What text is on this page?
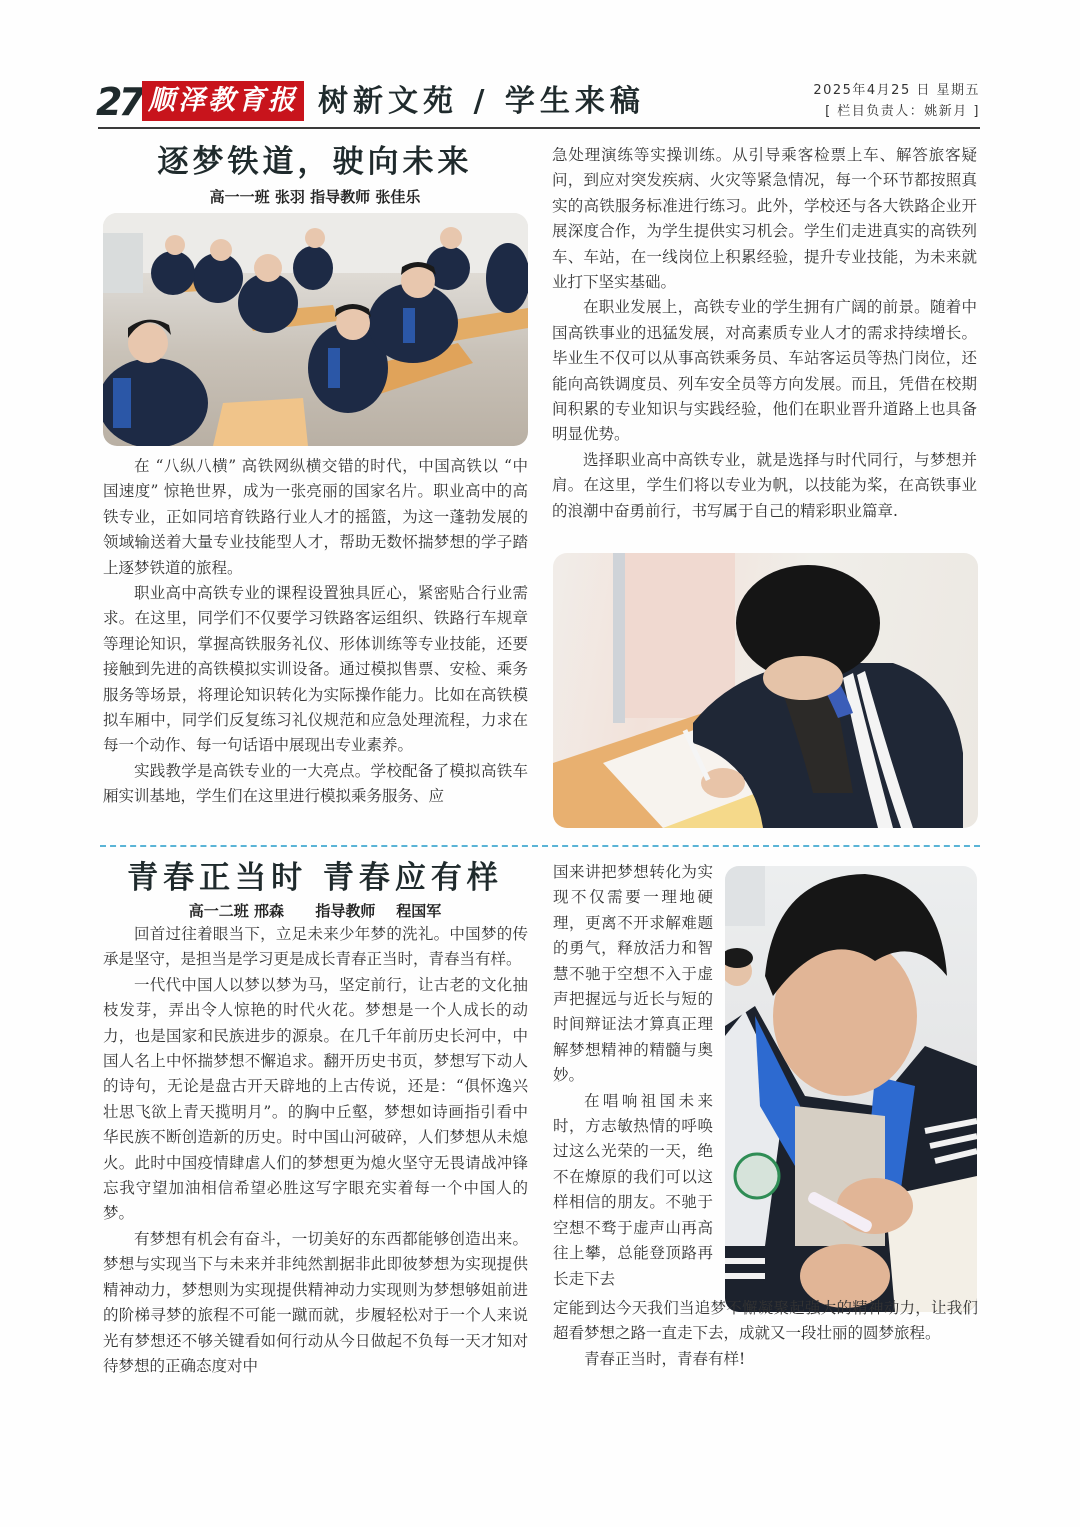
27 顺泽教育报 树新文苑 / 学生来稿	2025年4月25 日 星期五
[ 栏目负责人：姚新月 ]
逐梦铁道，驶向未来
高一一班 张羽 指导教师 张佳乐

在 “八纵八横” 高铁网纵横交错的时代，中国高铁以 “中国速度” 惊艳世界，成为一张亮丽的国家名片。职业高中的高铁专业，正如同培育铁路行业人才的摇篮，为这一蓬勃发展的领域输送着大量专业技能型人才，帮助无数怀揣梦想的学子踏上逐梦铁道的旅程。

职业高中高铁专业的课程设置独具匠心，紧密贴合行业需求。在这里，同学们不仅要学习铁路客运组织、铁路行车规章等理论知识，掌握高铁服务礼仪、形体训练等专业技能，还要接触到先进的高铁模拟实训设备。通过模拟售票、安检、乘务服务等场景，将理论知识转化为实际操作能力。比如在高铁模拟车厢中，同学们反复练习礼仪规范和应急处理流程，力求在每一个动作、每一句话语中展现出专业素养。

实践教学是高铁专业的一大亮点。学校配备了模拟高铁车厢实训基地，学生们在这里进行模拟乘务服务、应

急处理演练等实操训练。从引导乘客检票上车、解答旅客疑问，到应对突发疾病、火灾等紧急情况，每一个环节都按照真实的高铁服务标准进行练习。此外，学校还与各大铁路企业开展深度合作，为学生提供实习机会。学生们走进真实的高铁列车、车站，在一线岗位上积累经验，提升专业技能，为未来就业打下坚实基础。

在职业发展上，高铁专业的学生拥有广阔的前景。随着中国高铁事业的迅猛发展，对高素质专业人才的需求持续增长。毕业生不仅可以从事高铁乘务员、车站客运员等热门岗位，还能向高铁调度员、列车安全员等方向发展。而且，凭借在校期间积累的专业知识与实践经验，他们在职业晋升道路上也具备明显优势。

选择职业高中高铁专业，就是选择与时代同行，与梦想并肩。在这里，学生们将以专业为帆，以技能为桨，在高铁事业的浪潮中奋勇前行，书写属于自己的精彩职业篇章.

青春正当时 青春应有样
高一二班 邢森      指导教师    程国军

回首过往着眼当下，立足未来少年梦的洗礼。中国梦的传承是坚守，是担当是学习更是成长青春正当时，青春当有样。

一代代中国人以梦以梦为马，坚定前行，让古老的文化抽枝发芽，弄出令人惊艳的时代火花。梦想是一个人成长的动力，也是国家和民族进步的源泉。在几千年前历史长河中，中国人名上中怀揣梦想不懈追求。翻开历史书页，梦想写下动人的诗句，无论是盘古开天辟地的上古传说，还是：“俱怀逸兴壮思飞欲上青天揽明月”。的胸中丘壑，梦想如诗画指引看中华民族不断创造新的历史。时中国山河破碎，人们梦想从未熄火。此时中国疫情肆虐人们的梦想更为熄火坚守无畏请战冲锋忘我守望加油相信希望必胜这写字眼充实着每一个中国人的梦。

有梦想有机会有奋斗，一切美好的东西都能够创造出来。梦想与实现当下与未来并非纯然割据非此即彼梦想为实现提供精神动力，梦想则为实现提供精神动力实现则为梦想够姐前进的阶梯寻梦的旅程不可能一蹴而就，步履轻松对于一个人来说光有梦想还不够关键看如何行动从今日做起不负每一天才知对待梦想的正确态度对中

国来讲把梦想转化为实现不仅需要一理地硬理，更离不开求解难题的勇气，释放活力和智慧不驰于空想不入于虚声把握远与近长与短的时间辩证法才算真正理解梦想精神的精髓与奥妙。

在唱响祖国未来时，方志敏热情的呼唤过这么光荣的一天，绝不在燎原的我们可以这样相信的朋友。不驰于空想不骛于虚声山再高往上攀，总能登顶路再长走下去

定能到达今天我们当追梦不懈凝聚起强大的精神动力，让我们超看梦想之路一直走下去，成就又一段壮丽的圆梦旅程。

青春正当时，青春有样!
